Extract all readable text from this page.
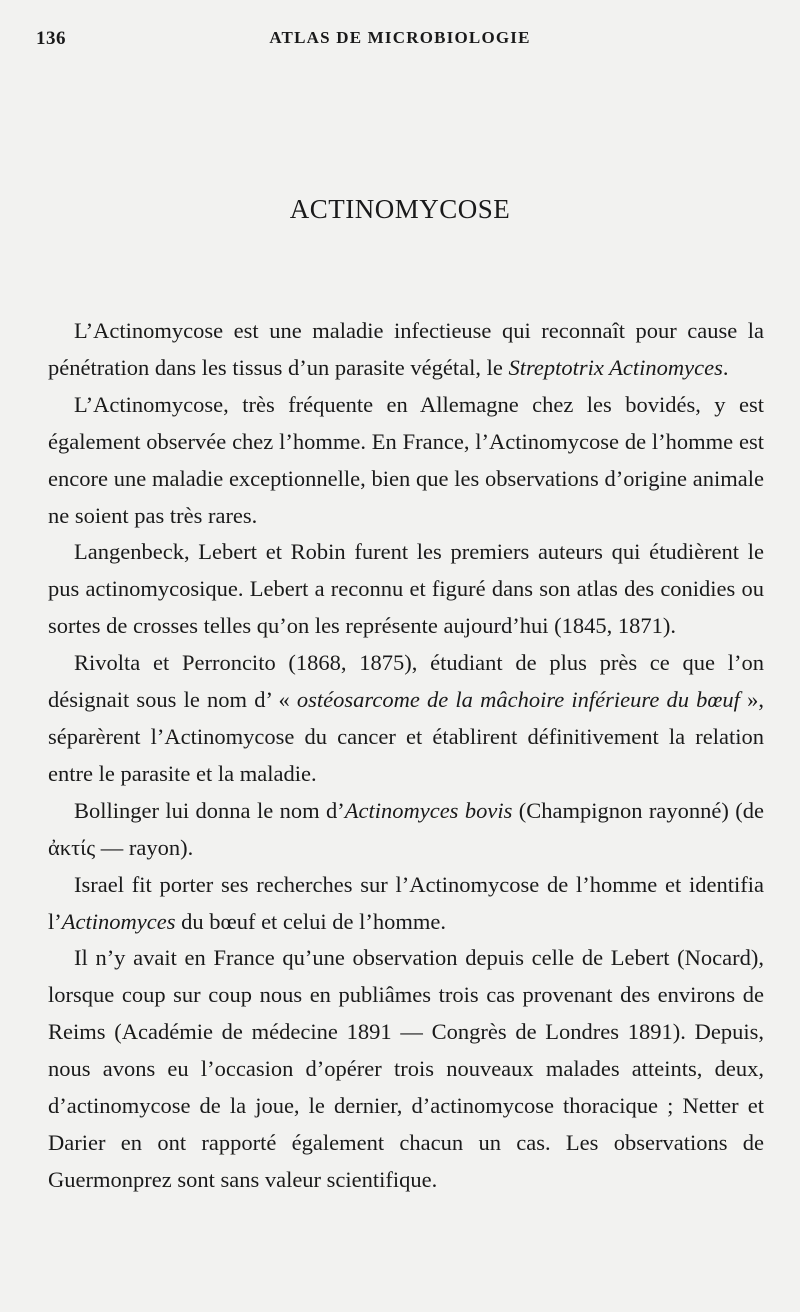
136	ATLAS DE MICROBIOLOGIE
ACTINOMYCOSE

L’Actinomycose est une maladie infectieuse qui reconnaît pour cause la pénétration dans les tissus d’un parasite végétal, le Streptotrix Actinomyces.

L’Actinomycose, très fréquente en Allemagne chez les bovidés, y est également observée chez l’homme. En France, l’Actinomycose de l’homme est encore une maladie exceptionnelle, bien que les observations d’origine animale ne soient pas très rares.

Langenbeck, Lebert et Robin furent les premiers auteurs qui étudièrent le pus actinomycosique. Lebert a reconnu et figuré dans son atlas des conidies ou sortes de crosses telles qu’on les représente aujourd’hui (1845, 1871).

Rivolta et Perroncito (1868, 1875), étudiant de plus près ce que l’on désignait sous le nom d’ « ostéosarcome de la mâchoire inférieure du bœuf », séparèrent l’Actinomycose du cancer et établirent définitivement la relation entre le parasite et la maladie.

Bollinger lui donna le nom d’Actinomyces bovis (Champignon rayonné) (de ἀκτίς — rayon).

Israel fit porter ses recherches sur l’Actinomycose de l’homme et identifia l’Actinomyces du bœuf et celui de l’homme.

Il n’y avait en France qu’une observation depuis celle de Lebert (Nocard), lorsque coup sur coup nous en publiâmes trois cas provenant des environs de Reims (Académie de médecine 1891 — Congrès de Londres 1891). Depuis, nous avons eu l’occasion d’opérer trois nouveaux malades atteints, deux, d’actinomycose de la joue, le dernier, d’actinomycose thoracique ; Netter et Darier en ont rapporté également chacun un cas. Les observations de Guermonprez sont sans valeur scientifique.
